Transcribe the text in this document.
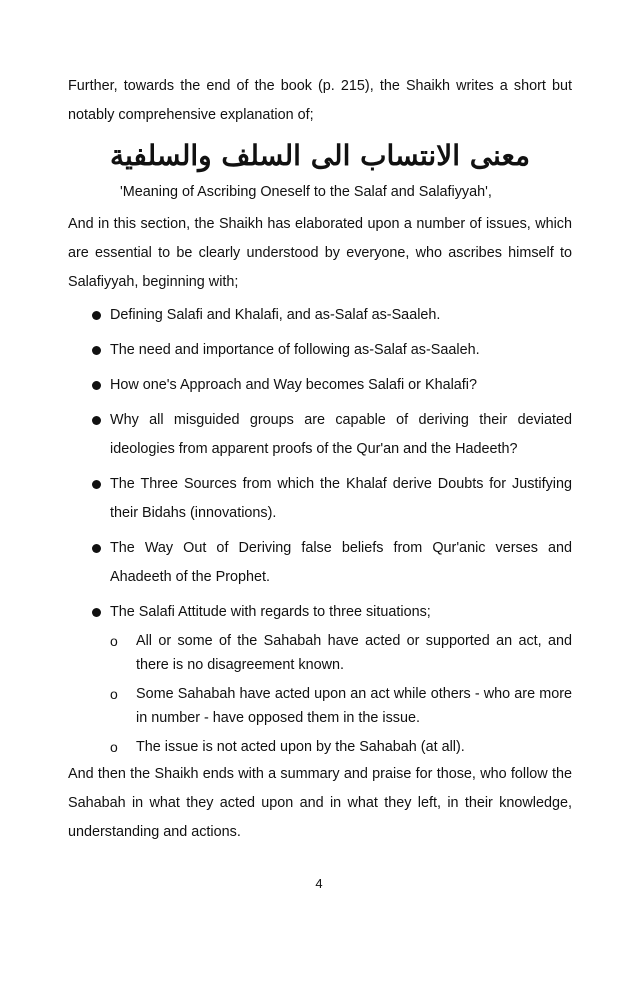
Further, towards the end of the book (p. 215), the Shaikh writes a short but notably comprehensive explanation of;

معنى الانتساب الى السلف والسلفية

'Meaning of Ascribing Oneself to the Salaf and Salafiyyah',

And in this section, the Shaikh has elaborated upon a number of issues, which are essential to be clearly understood by everyone, who ascribes himself to Salafiyyah, beginning with;

Defining Salafi and Khalafi, and as-Salaf as-Saaleh.
The need and importance of following as-Salaf as-Saaleh.
How one's Approach and Way becomes Salafi or Khalafi?
Why all misguided groups are capable of deriving their deviated ideologies from apparent proofs of the Qur'an and the Hadeeth?
The Three Sources from which the Khalaf derive Doubts for Justifying their Bidahs (innovations).
The Way Out of Deriving false beliefs from Qur'anic verses and Ahadeeth of the Prophet.
The Salafi Attitude with regards to three situations;
o All or some of the Sahabah have acted or supported an act, and there is no disagreement known.
o Some Sahabah have acted upon an act while others - who are more in number - have opposed them in the issue.
o The issue is not acted upon by the Sahabah (at all).

And then the Shaikh ends with a summary and praise for those, who follow the Sahabah in what they acted upon and in what they left, in their knowledge, understanding and actions.

4
